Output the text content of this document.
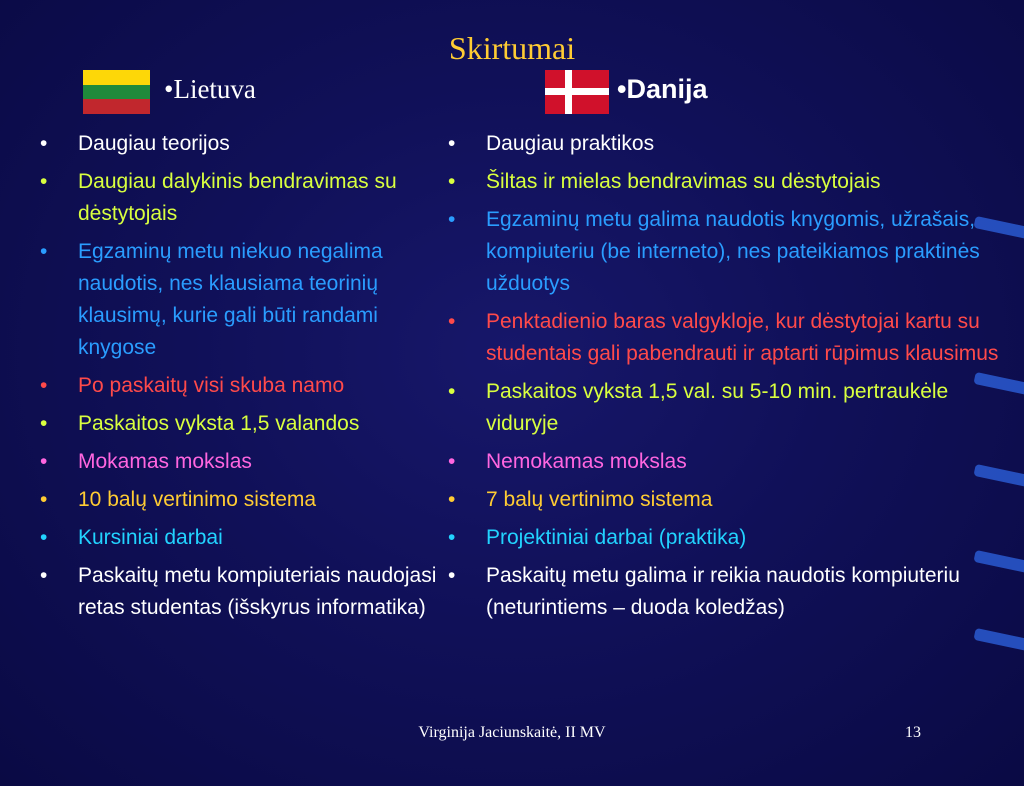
Skirtumai
•Lietuva	•Danija
• Daugiau teorijos
• Daugiau dalykinis bendravimas su dėstytojais
• Egzaminų metu niekuo negalima naudotis, nes klausiama teorinių klausimų, kurie gali būti randami knygose
• Po paskaitų visi skuba namo
• Paskaitos vyksta 1,5 valandos
• Mokamas mokslas
• 10 balų vertinimo sistema
• Kursiniai darbai
• Paskaitų metu kompiuteriais naudojasi retas studentas (išskyrus informatika)
• Daugiau praktikos
• Šiltas ir mielas bendravimas su dėstytojais
• Egzaminų metu galima naudotis knygomis, užrašais, kompiuteriu (be interneto), nes pateikiamos praktinės užduotys
• Penktadienio baras valgykloje, kur dėstytojai kartu su studentais gali pabendrauti ir aptarti rūpimus klausimus
• Paskaitos vyksta 1,5 val. su 5-10 min. pertraukėle viduryje
• Nemokamas mokslas
• 7 balų vertinimo sistema
• Projektiniai darbai (praktika)
• Paskaitų metu galima ir reikia naudotis kompiuteriu (neturintiems – duoda koledžas)
Virginija Jaciunskaitė, II MV	13
